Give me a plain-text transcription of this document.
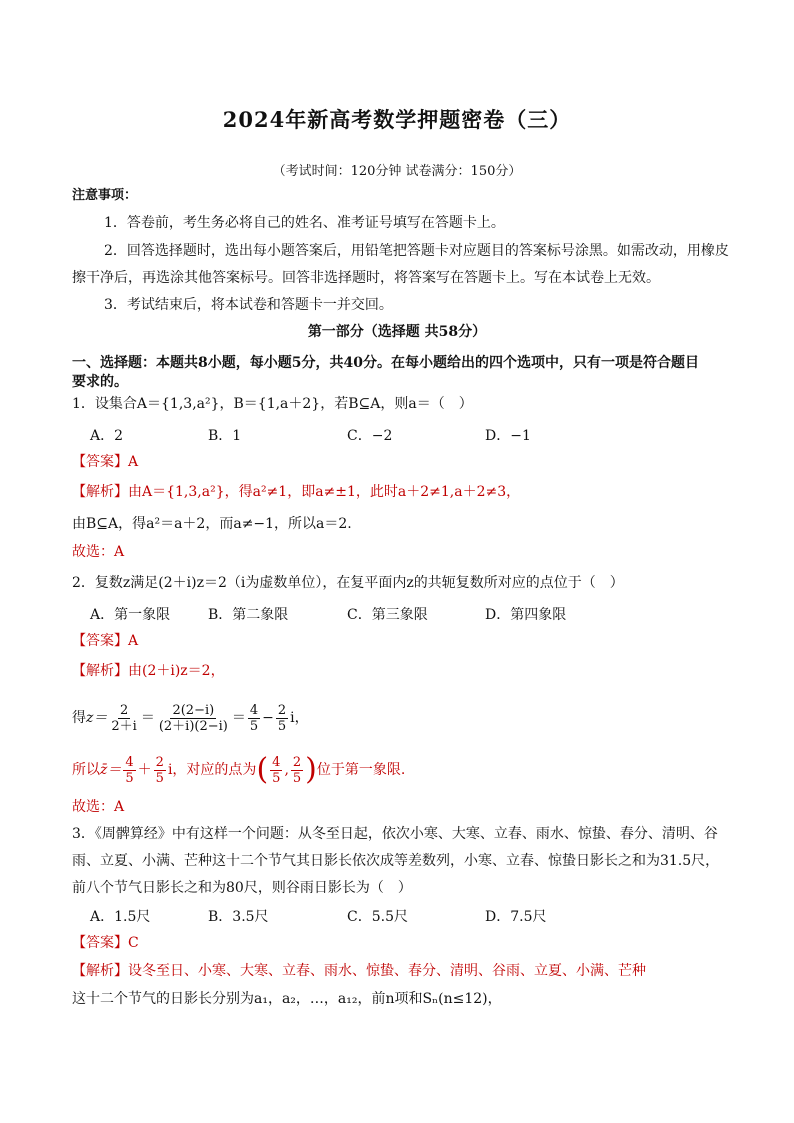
2024年新高考数学押题密卷（三）
（考试时间：120分钟 试卷满分：150分）
注意事项：
1．答卷前，考生务必将自己的姓名、准考证号填写在答题卡上。
2．回答选择题时，选出每小题答案后，用铅笔把答题卡对应题目的答案标号涂黑。如需改动，用橡皮
擦干净后，再选涂其他答案标号。回答非选择题时，将答案写在答题卡上。写在本试卷上无效。
3．考试结束后，将本试卷和答题卡一并交回。
第一部分（选择题 共58分）
一、选择题：本题共8小题，每小题5分，共40分。在每小题给出的四个选项中，只有一项是符合题目
要求的。
1．设集合A＝{1,3,a²}，B＝{1,a＋2}，若B⊆A，则a＝（　）
A．2	B．1	C．−2	D．−1
【答案】A
【解析】由A＝{1,3,a²}，得a²≠1，即a≠±1，此时a＋2≠1,a＋2≠3，
由B⊆A，得a²＝a＋2，而a≠−1，所以a＝2.
故选：A
2．复数z满足(2＋i)z＝2（i为虚数单位），在复平面内z的共轭复数所对应的点位于（　）
A．第一象限	B．第二象限	C．第三象限	D．第四象限
【答案】A
【解析】由(2＋i)z＝2，
得$z= \frac{2}{2+i} = \frac{2(2-i)}{(2+i)(2-i)} = \frac{4}{5} - \frac{2}{5}$ i，
所以z̄＝ $\frac{4}{5} + \frac{2}{5}$ i，对应的点为( $\frac{4}{5}$ , $\frac{2}{5}$ )位于第一象限.
故选：A
3．《周髀算经》中有这样一个问题：从冬至日起，依次小寒、大寒、立春、雨水、惊蛰、春分、清明、谷
雨、立夏、小满、芒种这十二个节气其日影长依次成等差数列，小寒、立春、惊蛰日影长之和为31.5尺，
前八个节气日影长之和为80尺，则谷雨日影长为（　）
A．1.5尺	B．3.5尺	C．5.5尺	D．7.5尺
【答案】C
【解析】设冬至日、小寒、大寒、立春、雨水、惊蛰、春分、清明、谷雨、立夏、小满、芒种
这十二个节气的日影长分别为a₁，a₂，…，a₁₂，前n项和Sₙ(n≤12)，
